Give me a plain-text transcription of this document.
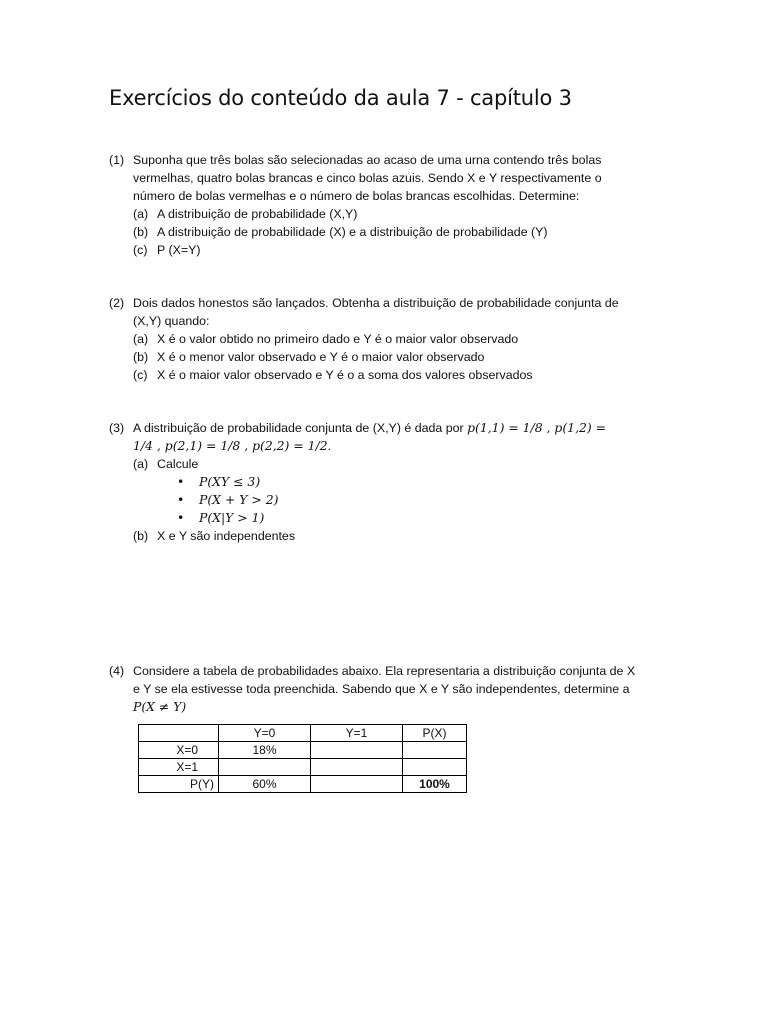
Exercícios do conteúdo da aula 7 - capítulo 3
(1) Suponha que três bolas são selecionadas ao acaso de uma urna contendo três bolas
vermelhas, quatro bolas brancas e cinco bolas azuis. Sendo X e Y respectivamente o
número de bolas vermelhas e o número de bolas brancas escolhidas. Determine:
(a) A distribuição de probabilidade (X,Y)
(b) A distribuição de probabilidade (X) e a distribuição de probabilidade (Y)
(c) P (X=Y)
(2) Dois dados honestos são lançados. Obtenha a distribuição de probabilidade conjunta de
(X,Y) quando:
(a) X é o valor obtido no primeiro dado e Y é o maior valor observado
(b) X é o menor valor observado e Y é o maior valor observado
(c) X é o maior valor observado e Y é o a soma dos valores observados
(3) A distribuição de probabilidade conjunta de (X,Y) é dada por p(1,1) = 1/8 , p(1,2) =
1/4 , p(2,1) = 1/8 , p(2,2) = 1/2.
(a) Calcule
• P(XY ≤ 3)
• P(X + Y > 2)
• P(X|Y > 1)
(b) X e Y são independentes
(4) Considere a tabela de probabilidades abaixo. Ela representaria a distribuição conjunta de X
e Y se ela estivesse toda preenchida. Sabendo que X e Y são independentes, determine a
P(X ≠ Y)
	Y=0	Y=1	P(X)
X=0	18%		
X=1			
P(Y)	60%		100%
